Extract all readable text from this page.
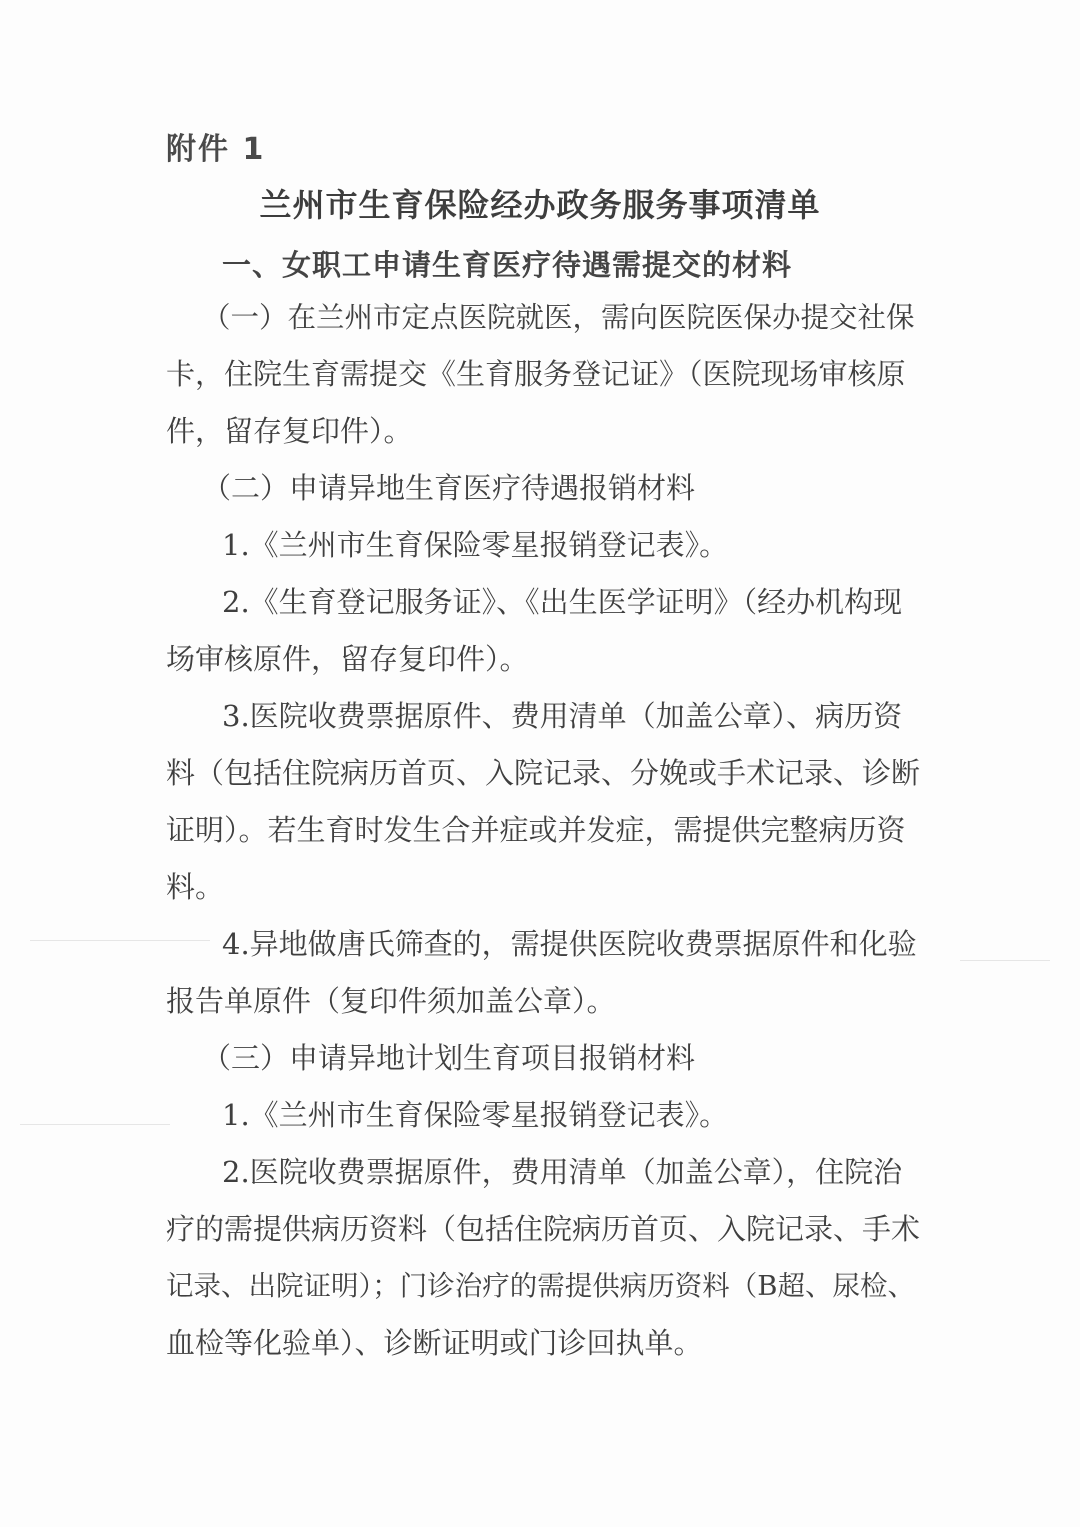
附件 1
兰州市生育保险经办政务服务事项清单
一、女职工申请生育医疗待遇需提交的材料
（一）在兰州市定点医院就医，需向医院医保办提交社保
卡，住院生育需提交《生育服务登记证》（医院现场审核原
件，留存复印件）。
（二）申请异地生育医疗待遇报销材料
1.《兰州市生育保险零星报销登记表》。
2.《生育登记服务证》、《出生医学证明》（经办机构现
场审核原件，留存复印件）。
3.医院收费票据原件、费用清单（加盖公章）、病历资
料（包括住院病历首页、入院记录、分娩或手术记录、诊断
证明）。若生育时发生合并症或并发症，需提供完整病历资
料。
4.异地做唐氏筛查的，需提供医院收费票据原件和化验
报告单原件（复印件须加盖公章）。
（三）申请异地计划生育项目报销材料
1.《兰州市生育保险零星报销登记表》。
2.医院收费票据原件，费用清单（加盖公章），住院治
疗的需提供病历资料（包括住院病历首页、入院记录、手术
记录、出院证明）；门诊治疗的需提供病历资料（B超、尿检、
血检等化验单）、诊断证明或门诊回执单。
